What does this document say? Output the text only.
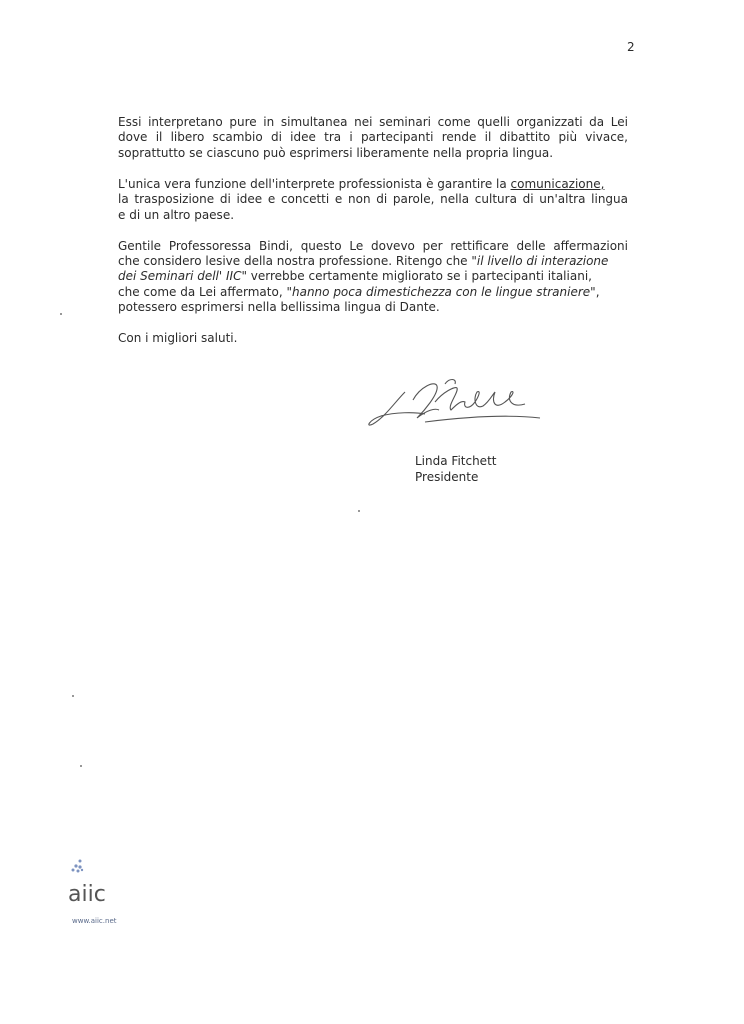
2
Essi interpretano pure in simultanea nei seminari come quelli organizzati da Lei
dove il libero scambio di idee tra i partecipanti rende il dibattito più vivace,
soprattutto se ciascuno può esprimersi liberamente nella propria lingua.
L'unica vera funzione dell'interprete professionista è garantire la comunicazione,
la trasposizione di idee e concetti e non di parole, nella cultura di un'altra lingua
e di un altro paese.
Gentile Professoressa Bindi, questo Le dovevo per rettificare delle affermazioni
che considero lesive della nostra professione. Ritengo che "il livello di interazione
dei Seminari dell' IIC" verrebbe certamente migliorato se i partecipanti italiani,
che come da Lei affermato, "hanno poca dimestichezza con le lingue straniere",
potessero esprimersi nella bellissima lingua di Dante.
Con i migliori saluti.
Linda Fitchett
Presidente
aiic
www.aiic.net
